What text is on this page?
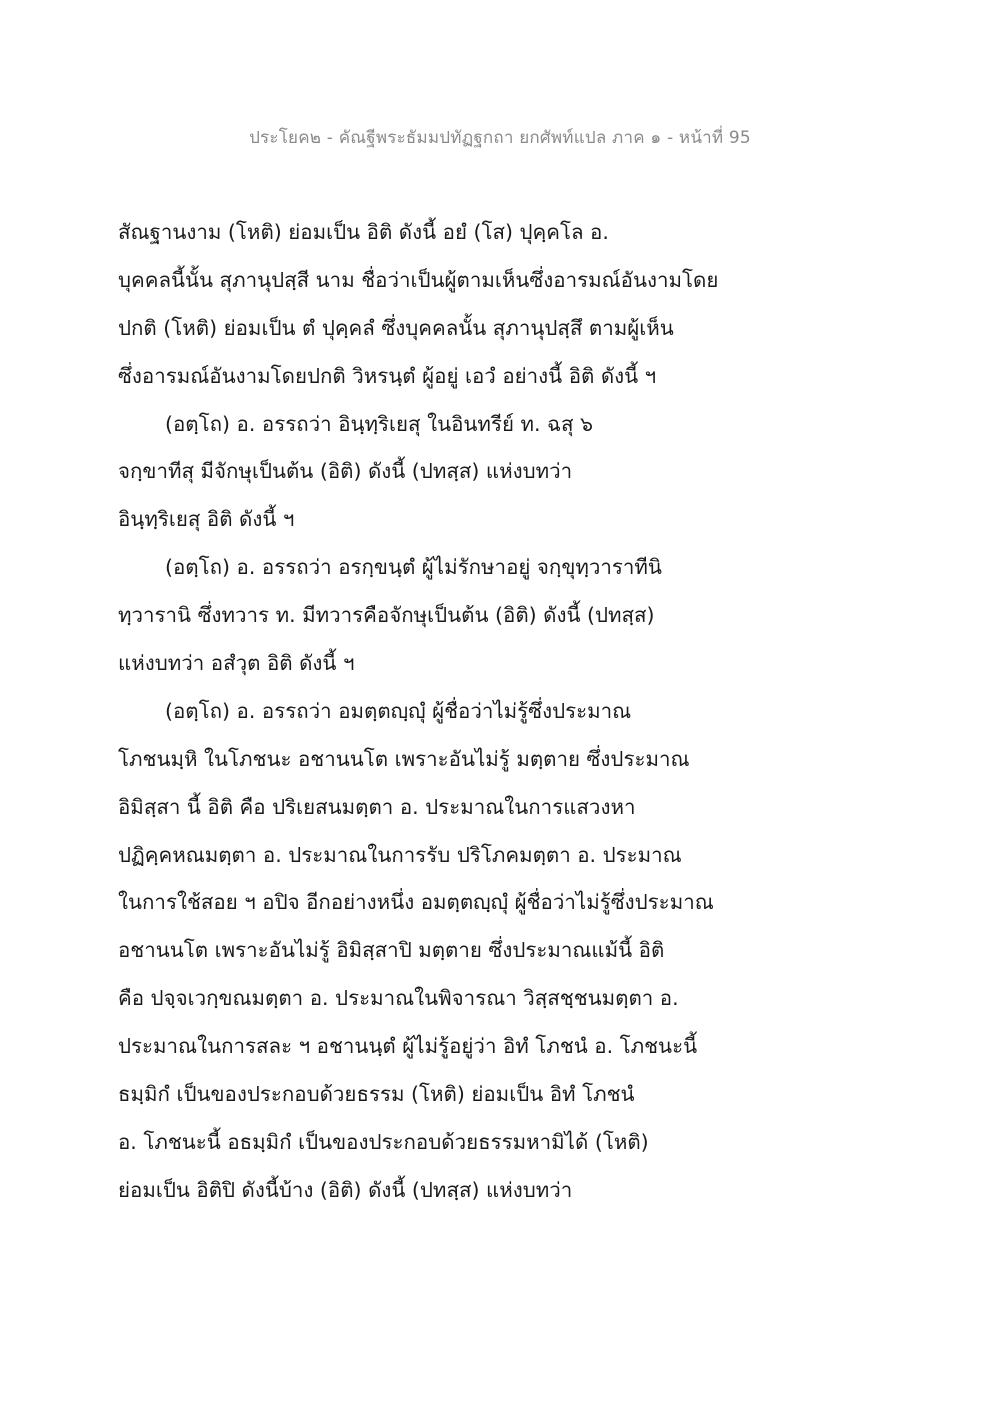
ประโยค๒ - คัณฐีพระธัมมปทัฏฐกถา ยกศัพท์แปล ภาค ๑ - หน้าที่ 95
สัณฐานงาม (โหติ) ย่อมเป็น อิติ ดังนี้ อยํ (โส) ปุคฺคโล อ.
บุคคลนี้นั้น สุภานุปสฺสี นาม ชื่อว่าเป็นผู้ตามเห็นซึ่งอารมณ์อันงามโดย
ปกติ (โหติ) ย่อมเป็น ตํ ปุคฺคลํ ซึ่งบุคคลนั้น สุภานุปสฺสึ ตามผู้เห็น
ซึ่งอารมณ์อันงามโดยปกติ วิหรนฺตํ ผู้อยู่ เอวํ อย่างนี้ อิติ ดังนี้ ฯ
(อตฺโถ) อ. อรรถว่า อินฺทฺริเยสุ ในอินทรีย์ ท. ฉสุ ๖
จกฺขาทีสุ มีจักษุเป็นต้น (อิติ) ดังนี้ (ปทสฺส) แห่งบทว่า
อินฺทฺริเยสุ อิติ ดังนี้ ฯ
(อตฺโถ) อ. อรรถว่า อรกฺขนฺตํ ผู้ไม่รักษาอยู่ จกฺขุทฺวาราทีนิ
ทฺวารานิ ซึ่งทวาร ท. มีทวารคือจักษุเป็นต้น (อิติ) ดังนี้ (ปทสฺส)
แห่งบทว่า อสํวุต อิติ ดังนี้ ฯ
(อตฺโถ) อ. อรรถว่า อมตฺตญฺญุํ ผู้ชื่อว่าไม่รู้ซึ่งประมาณ
โภชนมฺหิ ในโภชนะ อชานนโต เพราะอันไม่รู้ มตฺตาย ซึ่งประมาณ
อิมิสฺสา นี้ อิติ คือ ปริเยสนมตฺตา อ. ประมาณในการแสวงหา
ปฏิคฺคหณมตฺตา อ. ประมาณในการรับ ปริโภคมตฺตา อ. ประมาณ
ในการใช้สอย ฯ อปิจ อีกอย่างหนึ่ง อมตฺตญฺญุํ ผู้ชื่อว่าไม่รู้ซึ่งประมาณ
อชานนโต เพราะอันไม่รู้ อิมิสฺสาปิ มตฺตาย ซึ่งประมาณแม้นี้ อิติ
คือ ปจฺจเวกฺขณมตฺตา อ. ประมาณในพิจารณา วิสฺสชฺชนมตฺตา อ.
ประมาณในการสละ ฯ อชานนฺตํ ผู้ไม่รู้อยู่ว่า อิทํ โภชนํ อ. โภชนะนี้
ธมฺมิกํ เป็นของประกอบด้วยธรรม (โหติ) ย่อมเป็น อิทํ โภชนํ
อ. โภชนะนี้ อธมฺมิกํ เป็นของประกอบด้วยธรรมหามิได้ (โหติ)
ย่อมเป็น อิติปิ ดังนี้บ้าง (อิติ) ดังนี้ (ปทสฺส) แห่งบทว่า
